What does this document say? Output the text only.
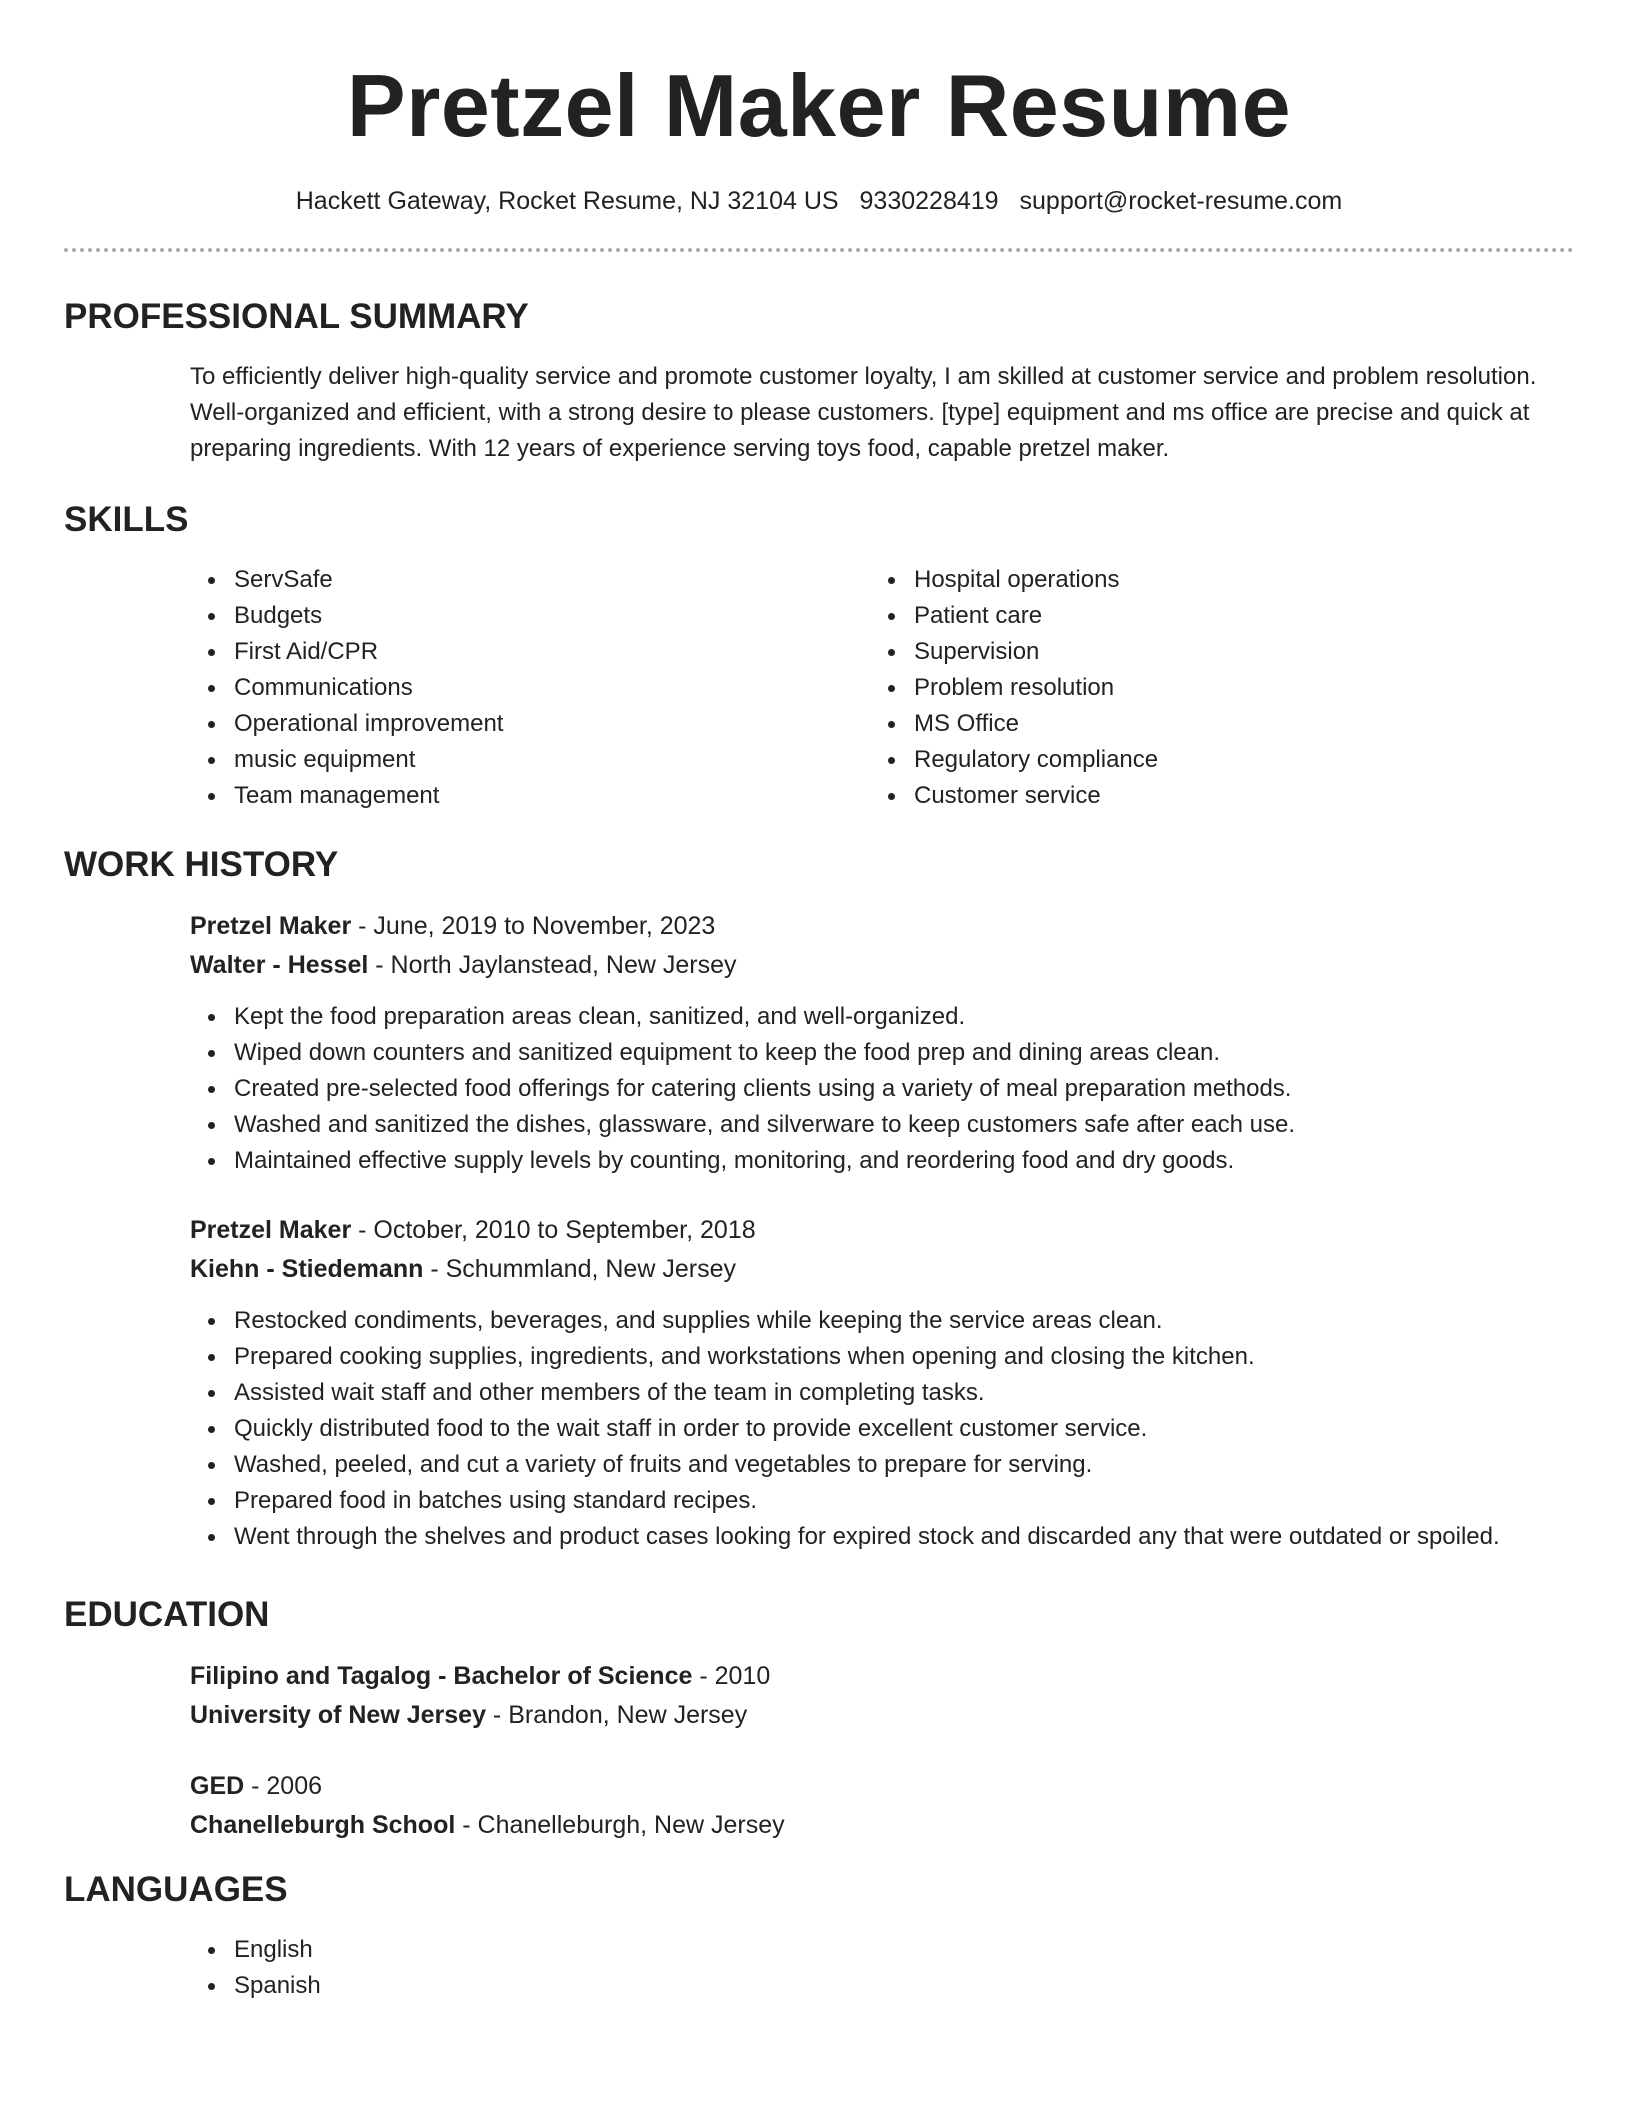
Pretzel Maker Resume
Hackett Gateway, Rocket Resume, NJ 32104 US 9330228419 support@rocket-resume.com
PROFESSIONAL SUMMARY

To efficiently deliver high-quality service and promote customer loyalty, I am skilled at customer service and problem resolution. Well-organized and efficient, with a strong desire to please customers. [type] equipment and ms office are precise and quick at preparing ingredients. With 12 years of experience serving toys food, capable pretzel maker.

SKILLS
ServSafe
Budgets
First Aid/CPR
Communications
Operational improvement
music equipment
Team management
Hospital operations
Patient care
Supervision
Problem resolution
MS Office
Regulatory compliance
Customer service
WORK HISTORY
Pretzel Maker - June, 2019 to November, 2023
Walter - Hessel - North Jaylanstead, New Jersey
Kept the food preparation areas clean, sanitized, and well-organized.
Wiped down counters and sanitized equipment to keep the food prep and dining areas clean.
Created pre-selected food offerings for catering clients using a variety of meal preparation methods.
Washed and sanitized the dishes, glassware, and silverware to keep customers safe after each use.
Maintained effective supply levels by counting, monitoring, and reordering food and dry goods.
Pretzel Maker - October, 2010 to September, 2018
Kiehn - Stiedemann - Schummland, New Jersey
Restocked condiments, beverages, and supplies while keeping the service areas clean.
Prepared cooking supplies, ingredients, and workstations when opening and closing the kitchen.
Assisted wait staff and other members of the team in completing tasks.
Quickly distributed food to the wait staff in order to provide excellent customer service.
Washed, peeled, and cut a variety of fruits and vegetables to prepare for serving.
Prepared food in batches using standard recipes.
Went through the shelves and product cases looking for expired stock and discarded any that were outdated or spoiled.
EDUCATION
Filipino and Tagalog - Bachelor of Science - 2010
University of New Jersey - Brandon, New Jersey
GED - 2006
Chanelleburgh School - Chanelleburgh, New Jersey
LANGUAGES
English
Spanish
